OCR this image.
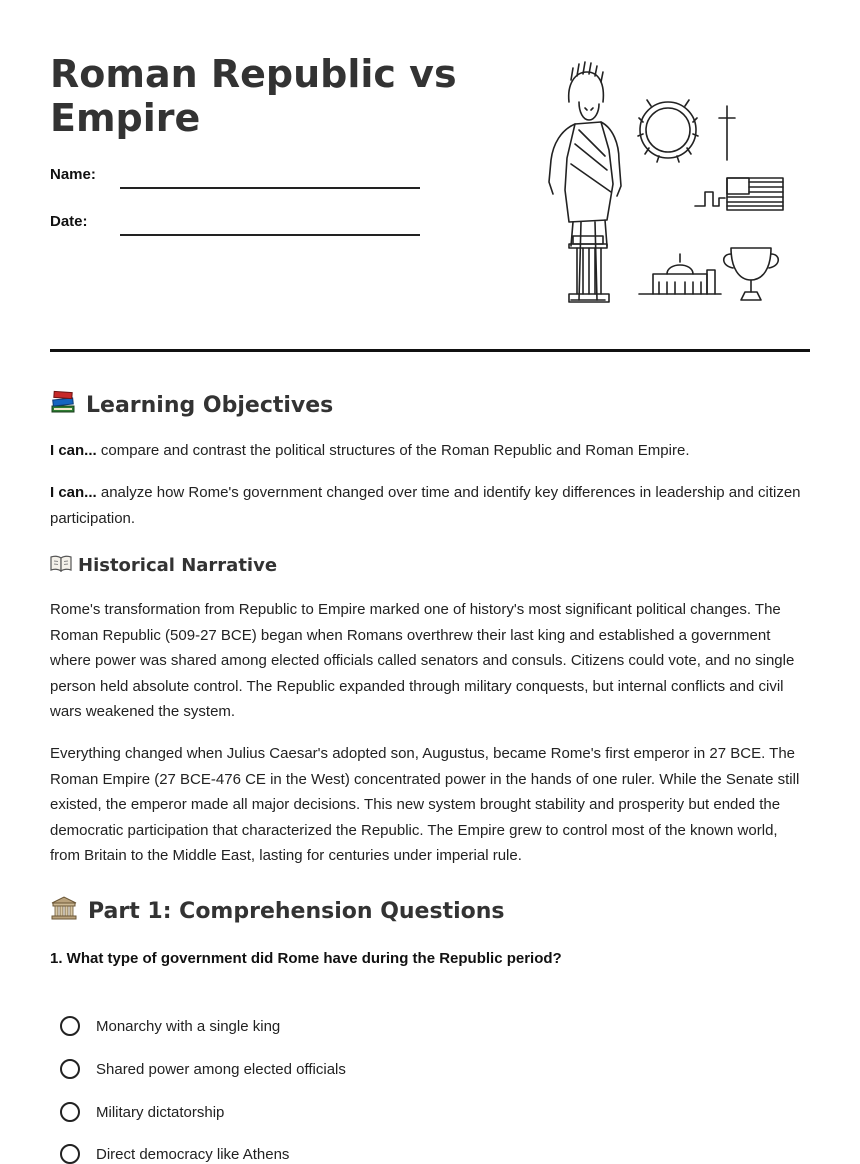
Roman Republic vs Empire
Name:
Date:
Learning Objectives

I can... compare and contrast the political structures of the Roman Republic and Roman Empire.

I can... analyze how Rome's government changed over time and identify key differences in leadership and citizen participation.

Historical Narrative

Rome's transformation from Republic to Empire marked one of history's most significant political changes. The Roman Republic (509-27 BCE) began when Romans overthrew their last king and established a government where power was shared among elected officials called senators and consuls. Citizens could vote, and no single person held absolute control. The Republic expanded through military conquests, but internal conflicts and civil wars weakened the system.

Everything changed when Julius Caesar's adopted son, Augustus, became Rome's first emperor in 27 BCE. The Roman Empire (27 BCE-476 CE in the West) concentrated power in the hands of one ruler. While the Senate still existed, the emperor made all major decisions. This new system brought stability and prosperity but ended the democratic participation that characterized the Republic. The Empire grew to control most of the known world, from Britain to the Middle East, lasting for centuries under imperial rule.

Part 1: Comprehension Questions

1. What type of government did Rome have during the Republic period?

Monarchy with a single king
Shared power among elected officials
Military dictatorship
Direct democracy like Athens
